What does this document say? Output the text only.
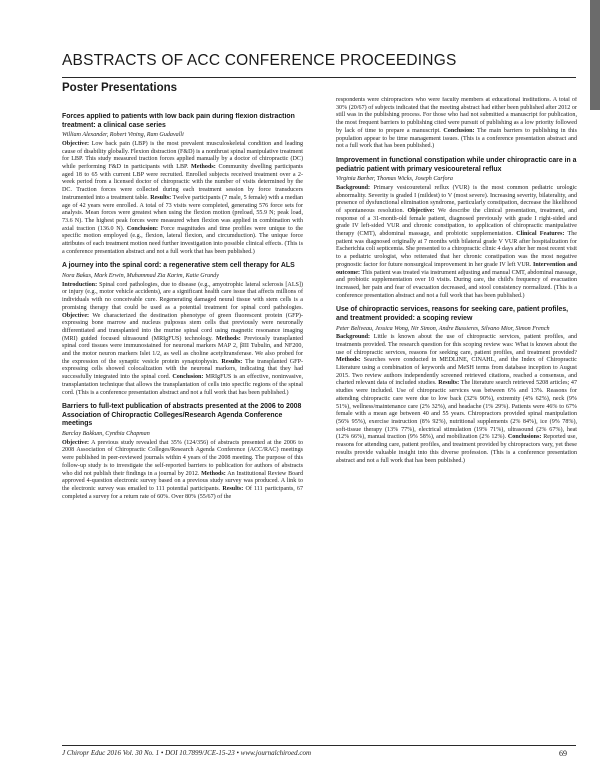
ABSTRACTS OF ACC CONFERENCE PROCEEDINGS
Poster Presentations
Forces applied to patients with low back pain during flexion distraction treatment: a clinical case series

William Alexander, Robert Vining, Ram Gudavalli

Objective: Low back pain (LBP) is the most prevalent musculoskeletal condition and leading cause of disability globally. Flexion distraction (F&D) is a nonthrust spinal manipulative treatment for LBP. This study measured traction forces applied manually by a doctor of chiropractic (DC) while performing F&D in participants with LBP. Methods: Community dwelling participants aged 18 to 65 with current LBP were recruited. Enrolled subjects received treatment over a 2-week period from a licensed doctor of chiropractic with the number of visits determined by the DC. Traction forces were collected during each treatment session by force transducers instrumented into a treatment table. Results: Twelve participants (7 male, 5 female) with a median age of 42 years were enrolled. A total of 73 visits were completed, generating 576 force sets for analysis. Mean forces were greatest when using the flexion motion (preload, 55.9 N; peak load, 73.6 N). The highest peak forces were measured when flexion was applied in combination with axial traction (136.0 N). Conclusion: Force magnitudes and time profiles were unique to the specific motion employed (e.g., flexion, lateral flexion, and circumduction). The unique force attributes of each treatment motion need further investigation into possible clinical effects. (This is a conference presentation abstract and not a full work that has been published.)

A journey into the spinal cord: a regenerative stem cell therapy for ALS

Nora Bakas, Mark Erwin, Muhammad Zia Karim, Katie Grundy

Introduction: Spinal cord pathologies, due to disease (e.g., amyotrophic lateral sclerosis [ALS]) or injury (e.g., motor vehicle accidents), are a significant health care issue that affects millions of individuals with no conceivable cure. Regenerating damaged neural tissue with stem cells is a promising therapy that could be used as a potential treatment for spinal cord pathologies. Objective: We characterized the destination phenotype of green fluorescent protein (GFP)-expressing bone marrow and nucleus pulposus stem cells that previously were neuronally differentiated and transplanted into the murine spinal cord using magnetic resonance imaging (MRI) guided focused ultrasound (MRIgFUS) technology. Methods: Previously transplanted spinal cord tissues were immunostained for neuronal markers MAP 2, βIII Tubulin, and NF200, and the motor neuron markers Islet 1/2, as well as choline acetyltransferase. We also probed for the expression of the synaptic vesicle protein synaptophysin. Results: The transplanted GFP-expressing cells showed colocalization with the neuronal markers, indicating that they had successfully integrated into the spinal cord. Conclusion: MRIgFUS is an effective, noninvasive, transplantation technique that allows the transplantation of cells into specific regions of the spinal cord. (This is a conference presentation abstract and not a full work that has been published.)

Barriers to full-text publication of abstracts presented at the 2006 to 2008 Association of Chiropractic Colleges/Research Agenda Conference meetings

Barclay Bakkum, Cynthia Chapman

Objective: A previous study revealed that 35% (124/356) of abstracts presented at the 2006 to 2008 Association of Chiropractic Colleges/Research Agenda Conference (ACC/RAC) meetings were published in peer-reviewed journals within 4 years of the 2008 meeting. The purpose of this follow-up study is to investigate the self-reported barriers to publication for authors of abstracts who did not publish their findings in a journal by 2012. Methods: An Institutional Review Board approved 4-question electronic survey based on a previous study survey was produced. A link to the electronic survey was emailed to 111 potential participants. Results: Of 111 participants, 67 completed a survey for a return rate of 60%. Over 80% (55/67) of the

respondents were chiropractors who were faculty members at educational institutions. A total of 30% (20/67) of subjects indicated that the meeting abstract had either been published after 2012 or still was in the publishing process. For those who had not submitted a manuscript for publication, the most frequent barriers to publishing cited were pursuit of publishing as a low priority followed by lack of time to prepare a manuscript. Conclusion: The main barriers to publishing in this population appear to be time management issues. (This is a conference presentation abstract and not a full work that has been published.)

Improvement in functional constipation while under chiropractic care in a pediatric patient with primary vesicoureteral reflux

Virginia Barber, Thomas Wicks, Joseph Carfora

Background: Primary vesicoureteral reflux (VUR) is the most common pediatric urologic abnormality. Severity is graded I (mildest) to V (most severe). Increasing severity, bilaterality, and presence of dysfunctional elimination syndrome, particularly constipation, decrease the likelihood of spontaneous resolution. Objective: We describe the clinical presentation, treatment, and response of a 31-month-old female patient, diagnosed previously with grade I right-sided and grade IV left-sided VUR and chronic constipation, to application of chiropractic manipulative therapy (CMT), abdominal massage, and probiotic supplementation. Clinical Features: The patient was diagnosed originally at 7 months with bilateral grade V VUR after hospitalization for Escherichia coli septicemia. She presented to a chiropractic clinic 4 days after her most recent visit to a pediatric urologist, who reiterated that her chronic constipation was the most negative prognostic factor for future nonsurgical improvement in her grade IV left VUR. Intervention and outcome: This patient was treated via instrument adjusting and manual CMT, abdominal massage, and probiotic supplementation over 10 visits. During care, the child's frequency of evacuation increased, her pain and fear of evacuation decreased, and stool consistency normalized. (This is a conference presentation abstract and not a full work that has been published.)

Use of chiropractic services, reasons for seeking care, patient profiles, and treatment provided: a scoping review

Peter Beliveau, Jessica Wong, Nir Simon, Andre Bussieres, Silvano Mior, Simon French

Background: Little is known about the use of chiropractic services, patient profiles, and treatments provided. The research question for this scoping review was: What is known about the use of chiropractic services, reasons for seeking care, patient profiles, and treatment provided? Methods: Searches were conducted in MEDLINE, CINAHL, and the Index of Chiropractic Literature using a combination of keywords and MeSH terms from database inception to August 2015. Two review authors independently screened retrieved citations, reached a consensus, and charted relevant data of included studies. Results: The literature search retrieved 5208 articles; 47 studies were included. Use of chiropractic services was between 6% and 13%. Reasons for attending chiropractic care were due to low back (32% 90%), extremity (4% 62%), neck (9% 51%), wellness/maintenance care (2% 32%), and headache (1% 29%). Patients were 46% to 67% female with a mean age between 40 and 55 years. Chiropractors provided spinal manipulation (56% 95%), exercise instruction (8% 92%), nutritional supplements (2% 84%), ice (9% 78%), soft-tissue therapy (13% 77%), electrical stimulation (19% 71%), ultrasound (2% 67%), heat (12% 66%), manual traction (9% 58%), and mobilization (2% 12%). Conclusions: Reported use, reasons for attending care, patient profiles, and treatment provided by chiropractors vary, yet these results provide valuable insight into this diverse profession. (This is a conference presentation abstract and not a full work that has been published.)

J Chiropr Educ 2016 Vol. 30 No. 1 • DOI 10.7899/JCE-15-23 • www.journalchiroed.com	69
